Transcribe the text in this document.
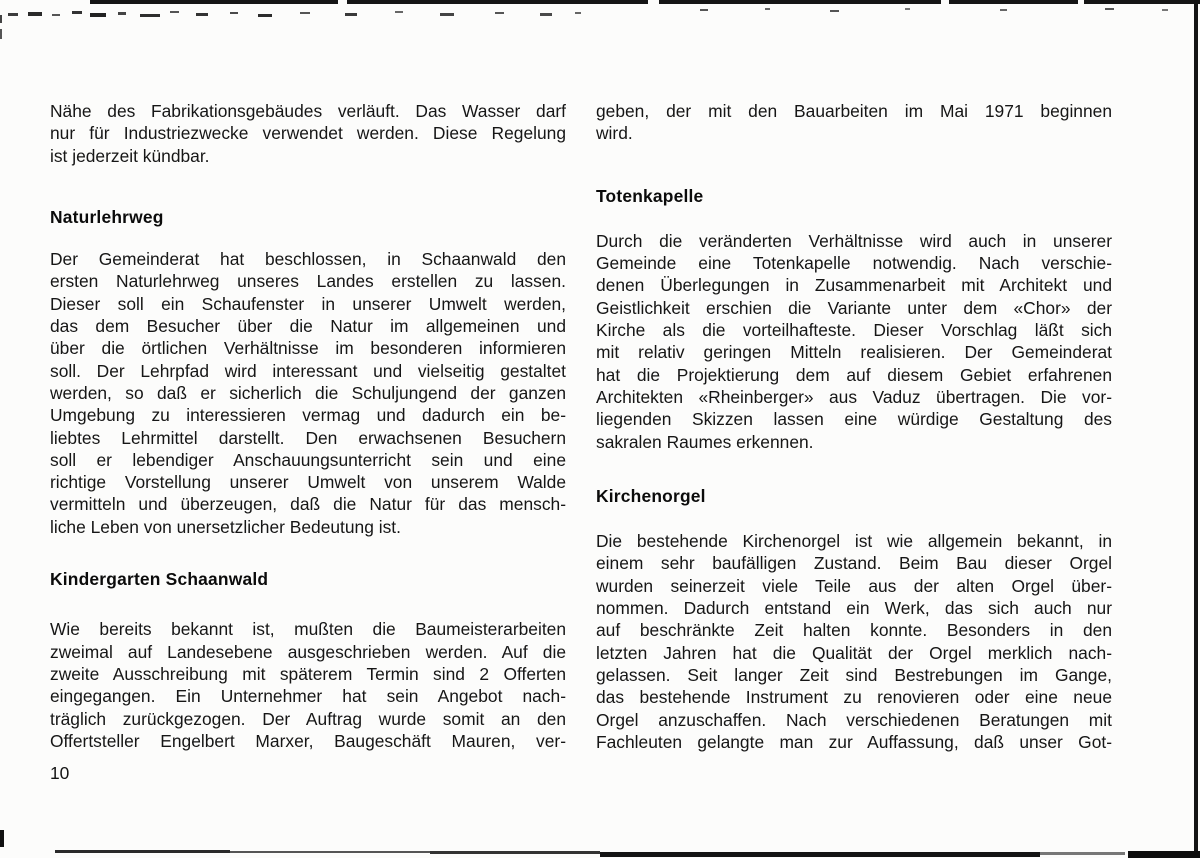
Nähe des Fabrikationsgebäudes verläuft. Das Wasser darf
nur für Industriezwecke verwendet werden. Diese Regelung
ist jederzeit kündbar.
Naturlehrweg
Der Gemeinderat hat beschlossen, in Schaanwald den
ersten Naturlehrweg unseres Landes erstellen zu lassen.
Dieser soll ein Schaufenster in unserer Umwelt werden,
das dem Besucher über die Natur im allgemeinen und
über die örtlichen Verhältnisse im besonderen informieren
soll. Der Lehrpfad wird interessant und vielseitig gestaltet
werden, so daß er sicherlich die Schuljungend der ganzen
Umgebung zu interessieren vermag und dadurch ein be-
liebtes Lehrmittel darstellt. Den erwachsenen Besuchern
soll er lebendiger Anschauungsunterricht sein und eine
richtige Vorstellung unserer Umwelt von unserem Walde
vermitteln und überzeugen, daß die Natur für das mensch-
liche Leben von unersetzlicher Bedeutung ist.
Kindergarten Schaanwald
Wie bereits bekannt ist, mußten die Baumeisterarbeiten
zweimal auf Landesebene ausgeschrieben werden. Auf die
zweite Ausschreibung mit späterem Termin sind 2 Offerten
eingegangen. Ein Unternehmer hat sein Angebot nach-
träglich zurückgezogen. Der Auftrag wurde somit an den
Offertsteller Engelbert Marxer, Baugeschäft Mauren, ver-
geben, der mit den Bauarbeiten im Mai 1971 beginnen
wird.
Totenkapelle
Durch die veränderten Verhältnisse wird auch in unserer
Gemeinde eine Totenkapelle notwendig. Nach verschie-
denen Überlegungen in Zusammenarbeit mit Architekt und
Geistlichkeit erschien die Variante unter dem «Chor» der
Kirche als die vorteilhafteste. Dieser Vorschlag läßt sich
mit relativ geringen Mitteln realisieren. Der Gemeinderat
hat die Projektierung dem auf diesem Gebiet erfahrenen
Architekten «Rheinberger» aus Vaduz übertragen. Die vor-
liegenden Skizzen lassen eine würdige Gestaltung des
sakralen Raumes erkennen.
Kirchenorgel
Die bestehende Kirchenorgel ist wie allgemein bekannt, in
einem sehr baufälligen Zustand. Beim Bau dieser Orgel
wurden seinerzeit viele Teile aus der alten Orgel über-
nommen. Dadurch entstand ein Werk, das sich auch nur
auf beschränkte Zeit halten konnte. Besonders in den
letzten Jahren hat die Qualität der Orgel merklich nach-
gelassen. Seit langer Zeit sind Bestrebungen im Gange,
das bestehende Instrument zu renovieren oder eine neue
Orgel anzuschaffen. Nach verschiedenen Beratungen mit
Fachleuten gelangte man zur Auffassung, daß unser Got-
10
